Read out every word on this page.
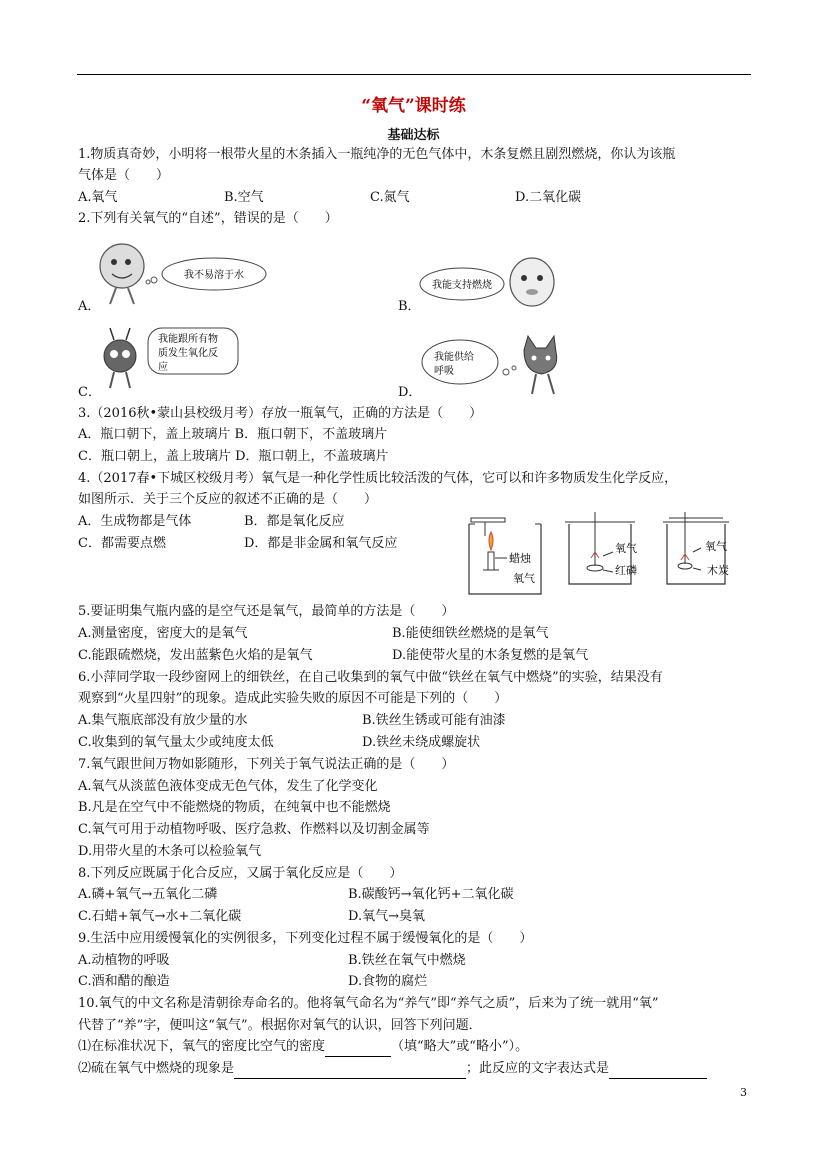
“氧气”课时练
基础达标
1.物质真奇妙，小明将一根带火星的木条插入一瓶纯净的无色气体中，木条复燃且剧烈燃烧，你认为该瓶
气体是（　　）
A.氧气	B.空气	C.氮气	D.二氧化碳
2.下列有关氧气的“自述”，错误的是（　　）
我不易溶于水
A．
我能支持燃烧
B．
我能跟所有物
质发生氧化反
应
C．
我能供给
呼吸
D．
3.（2016秋•蒙山县校级月考）存放一瓶氧气，正确的方法是（　　）
A．瓶口朝下，盖上玻璃片 B．瓶口朝下，不盖玻璃片
C．瓶口朝上，盖上玻璃片 D．瓶口朝上，不盖玻璃片
4.（2017春•下城区校级月考）氧气是一种化学性质比较活泼的气体，它可以和许多物质发生化学反应，
如图所示．关于三个反应的叙述不正确的是（　　）
A．生成物都是气体	B．都是氧化反应
C．都需要点燃	D．都是非金属和氧气反应
蜡烛
氧气
氧气
红磷
氧气
木炭
5.要证明集气瓶内盛的是空气还是氧气，最简单的方法是（　　）
A.测量密度，密度大的是氧气	B.能使细铁丝燃烧的是氧气
C.能跟硫燃烧，发出蓝紫色火焰的是氧气	D.能使带火星的木条复燃的是氧气
6.小萍同学取一段纱窗网上的细铁丝，在自己收集到的氧气中做“铁丝在氧气中燃烧”的实验，结果没有
观察到“火星四射”的现象。造成此实验失败的原因不可能是下列的（　　）
A.集气瓶底部没有放少量的水	B.铁丝生锈或可能有油漆
C.收集到的氧气量太少或纯度太低	D.铁丝未绕成螺旋状
7.氧气跟世间万物如影随形，下列关于氧气说法正确的是（　　）
A.氧气从淡蓝色液体变成无色气体，发生了化学变化
B.凡是在空气中不能燃烧的物质，在纯氧中也不能燃烧
C.氧气可用于动植物呼吸、医疗急救、作燃料以及切割金属等
D.用带火星的木条可以检验氧气
8.下列反应既属于化合反应，又属于氧化反应是（　　）
A.磷+氧气→五氧化二磷	B.碳酸钙→氧化钙+二氧化碳
C.石蜡+氧气→水+二氧化碳	D.氧气→臭氧
9.生活中应用缓慢氧化的实例很多，下列变化过程不属于缓慢氧化的是（　　）
A.动植物的呼吸	B.铁丝在氧气中燃烧
C.酒和醋的酿造	D.食物的腐烂
10.氧气的中文名称是清朝徐寿命名的。他将氧气命名为“养气”即“养气之质”，后来为了统一就用“氧”
代替了“养”字，便叫这“氧气”。根据你对氧气的认识，回答下列问题．
⑴在标准状况下，氧气的密度比空气的密度	（填“略大”或“略小”）。
⑵硫在氧气中燃烧的现象是	；此反应的文字表达式是
3
